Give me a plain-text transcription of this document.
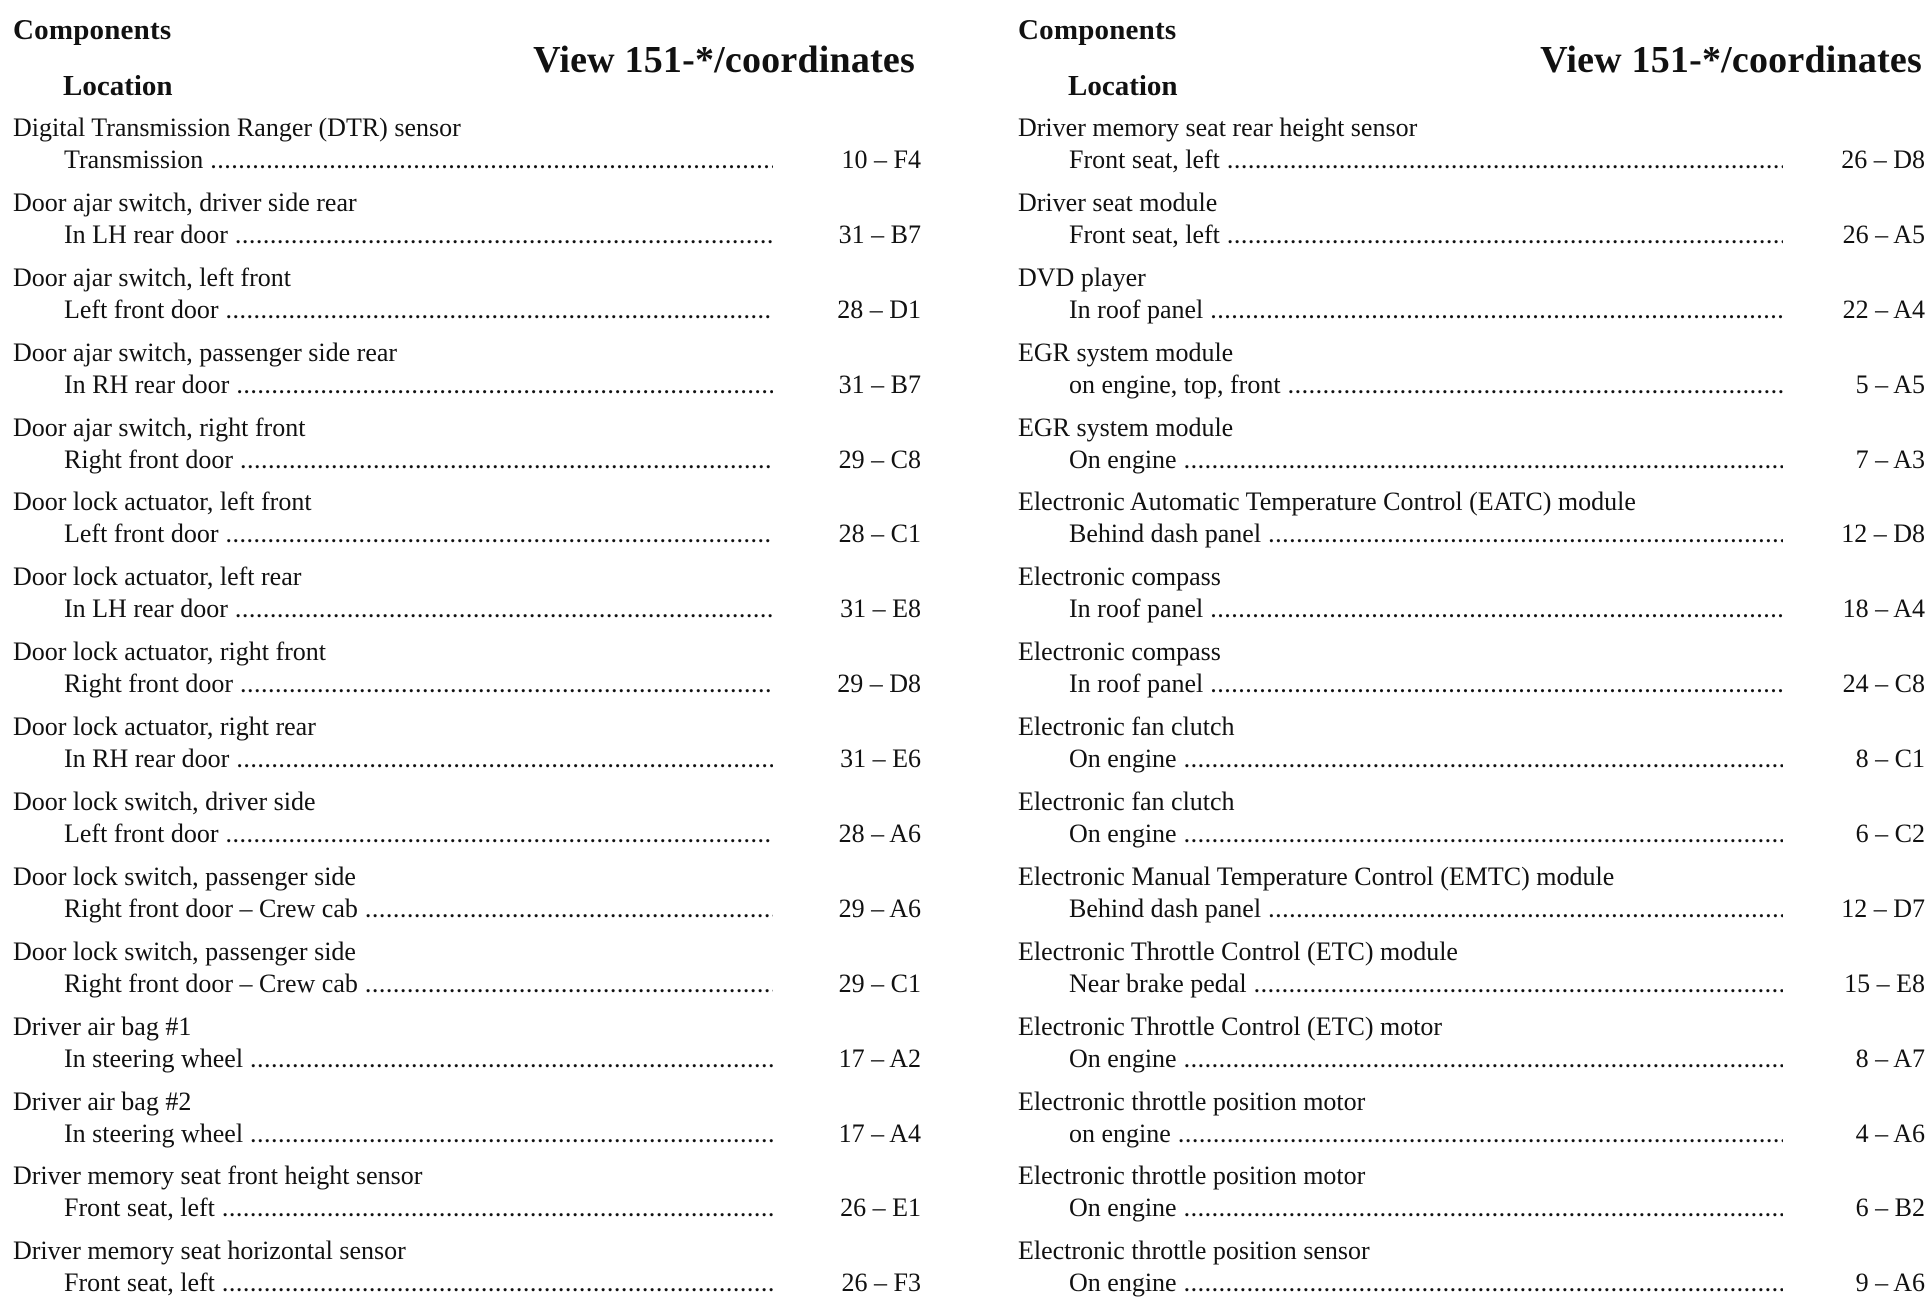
Components
Location
View 151-*/coordinates
Digital Transmission Ranger (DTR) sensor
Transmission .....	10 – F4
Door ajar switch, driver side rear
In LH rear door .....	31 – B7
Door ajar switch, left front
Left front door .....	28 – D1
Door ajar switch, passenger side rear
In RH rear door .....	31 – B7
Door ajar switch, right front
Right front door .....	29 – C8
Door lock actuator, left front
Left front door .....	28 – C1
Door lock actuator, left rear
In LH rear door .....	31 – E8
Door lock actuator, right front
Right front door .....	29 – D8
Door lock actuator, right rear
In RH rear door .....	31 – E6
Door lock switch, driver side
Left front door .....	28 – A6
Door lock switch, passenger side
Right front door – Crew cab .....	29 – A6
Door lock switch, passenger side
Right front door – Crew cab .....	29 – C1
Driver air bag #1
In steering wheel .....	17 – A2
Driver air bag #2
In steering wheel .....	17 – A4
Driver memory seat front height sensor
Front seat, left .....	26 – E1
Driver memory seat horizontal sensor
Front seat, left .....	26 – F3
Components
Location
View 151-*/coordinates
Driver memory seat rear height sensor
Front seat, left .....	26 – D8
Driver seat module
Front seat, left .....	26 – A5
DVD player
In roof panel .....	22 – A4
EGR system module
on engine, top, front .....	5 – A5
EGR system module
On engine .....	7 – A3
Electronic Automatic Temperature Control (EATC) module
Behind dash panel .....	12 – D8
Electronic compass
In roof panel .....	18 – A4
Electronic compass
In roof panel .....	24 – C8
Electronic fan clutch
On engine .....	8 – C1
Electronic fan clutch
On engine .....	6 – C2
Electronic Manual Temperature Control (EMTC) module
Behind dash panel .....	12 – D7
Electronic Throttle Control (ETC) module
Near brake pedal .....	15 – E8
Electronic Throttle Control (ETC) motor
On engine .....	8 – A7
Electronic throttle position motor
on engine .....	4 – A6
Electronic throttle position motor
On engine .....	6 – B2
Electronic throttle position sensor
On engine .....	9 – A6
